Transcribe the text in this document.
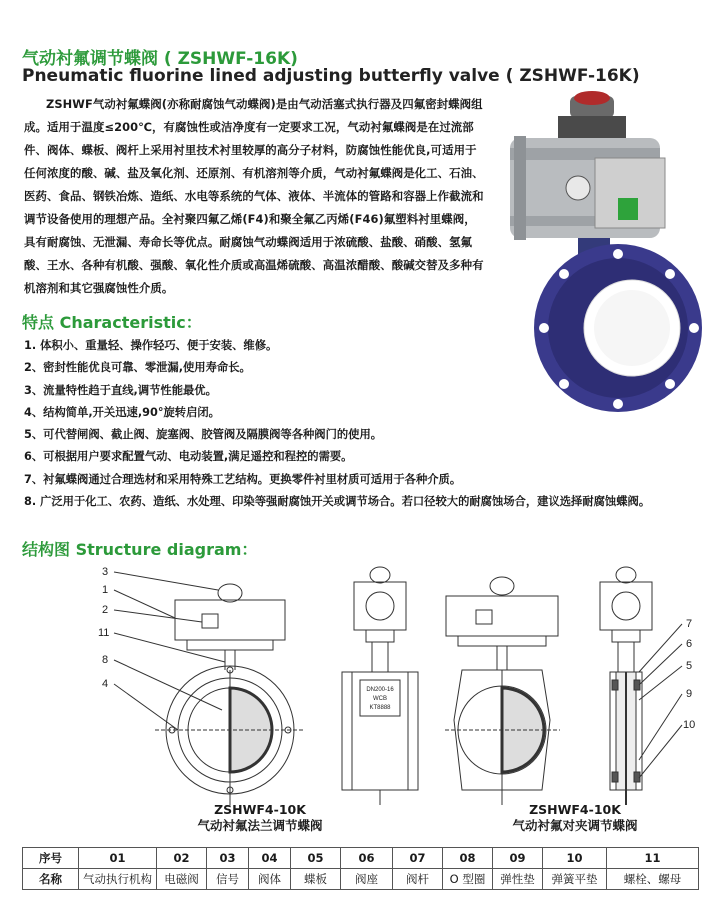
气动衬氟调节蝶阀 ( ZSHWF-16K)
Pneumatic fluorine lined adjusting butterfly valve ( ZSHWF-16K)

ZSHWF气动衬氟蝶阀(亦称耐腐蚀气动蝶阀)是由气动活塞式执行器及四氟密封蝶阀组成。适用于温度≤200℃，有腐蚀性或洁净度有一定要求工况，气动衬氟蝶阀是在过流部件、阀体、蝶板、阀杆上采用衬里技术衬里较厚的高分子材料，防腐蚀性能优良,可适用于任何浓度的酸、碱、盐及氧化剂、还原剂、有机溶剂等介质，气动衬氟蝶阀是化工、石油、医药、食品、钢铁冶炼、造纸、水电等系统的气体、液体、半流体的管路和容器上作截流和调节设备使用的理想产品。全衬聚四氟乙烯(F4)和聚全氟乙丙烯(F46)氟塑料衬里蝶阀，具有耐腐蚀、无泄漏、寿命长等优点。耐腐蚀气动蝶阀适用于浓硫酸、盐酸、硝酸、氢氟酸、王水、各种有机酸、强酸、氧化性介质或高温烯硫酸、高温浓醋酸、酸碱交替及多种有机溶剂和其它强腐蚀性介质。

特点 Characteristic：
1. 体积小、重量轻、操作轻巧、便于安装、维修。
2、密封性能优良可靠、零泄漏,使用寿命长。
3、流量特性趋于直线,调节性能最优。
4、结构简单,开关迅速,90°旋转启闭。
5、可代替闸阀、截止阀、旋塞阀、胶管阀及隔膜阀等各种阀门的使用。
6、可根据用户要求配置气动、电动装置,满足遥控和程控的需要。
7、衬氟蝶阀通过合理选材和采用特殊工艺结构。更换零件衬里材质可适用于各种介质。
8. 广泛用于化工、农药、造纸、水处理、印染等强耐腐蚀开关或调节场合。若口径较大的耐腐蚀场合，建议选择耐腐蚀蝶阀。
结构图 Structure diagram：
3
1
2
11
8
4	DN200-16
WCB
KT8888
7
6
5
9
10
ZSHWF4-10K
气动衬氟法兰调节蝶阀
ZSHWF4-10K
气动衬氟对夹调节蝶阀
序号	01	02	03	04	05	06	07	08	09	10	11
名称	气动执行机构	电磁阀	信号	阀体	蝶板	阀座	阀杆	O 型圈	弹性垫	弹簧平垫	螺栓、螺母
